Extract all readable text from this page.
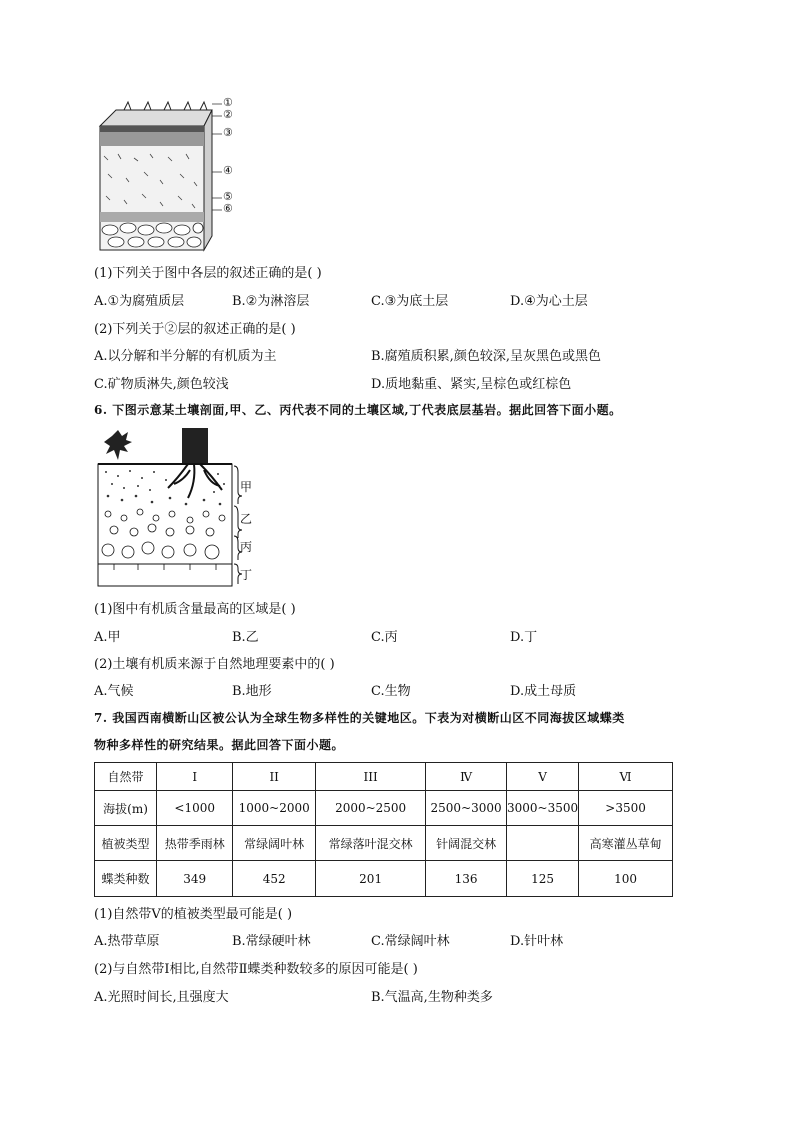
①
②
③
④
⑤
⑥
(1)下列关于图中各层的叙述正确的是( )
A.①为腐殖质层	B.②为淋溶层	C.③为底土层	D.④为心土层
(2)下列关于②层的叙述正确的是( )
A.以分解和半分解的有机质为主	B.腐殖质积累,颜色较深,呈灰黑色或黑色
C.矿物质淋失,颜色较浅	D.质地黏重、紧实,呈棕色或红棕色
6. 下图示意某土壤剖面,甲、乙、丙代表不同的土壤区域,丁代表底层基岩。据此回答下面小题。
甲
乙
丙
丁
(1)图中有机质含量最高的区域是( )
A.甲	B.乙	C.丙	D.丁
(2)土壤有机质来源于自然地理要素中的( )
A.气候	B.地形	C.生物	D.成土母质
7. 我国西南横断山区被公认为全球生物多样性的关键地区。下表为对横断山区不同海拔区域蝶类
物种多样性的研究结果。据此回答下面小题。
自然带	I	II	III	Ⅳ	Ⅴ	Ⅵ
海拔(m)	<1000	1000~2000	2000~2500	2500~3000	3000~3500	>3500
植被类型	热带季雨林	常绿阔叶林	常绿落叶混交林	针阔混交林		高寒灌丛草甸
蝶类种数	349	452	201	136	125	100
(1)自然带Ⅴ的植被类型最可能是( )
A.热带草原	B.常绿硬叶林	C.常绿阔叶林	D.针叶林
(2)与自然带Ⅰ相比,自然带Ⅱ蝶类种数较多的原因可能是( )
A.光照时间长,且强度大	B.气温高,生物种类多
